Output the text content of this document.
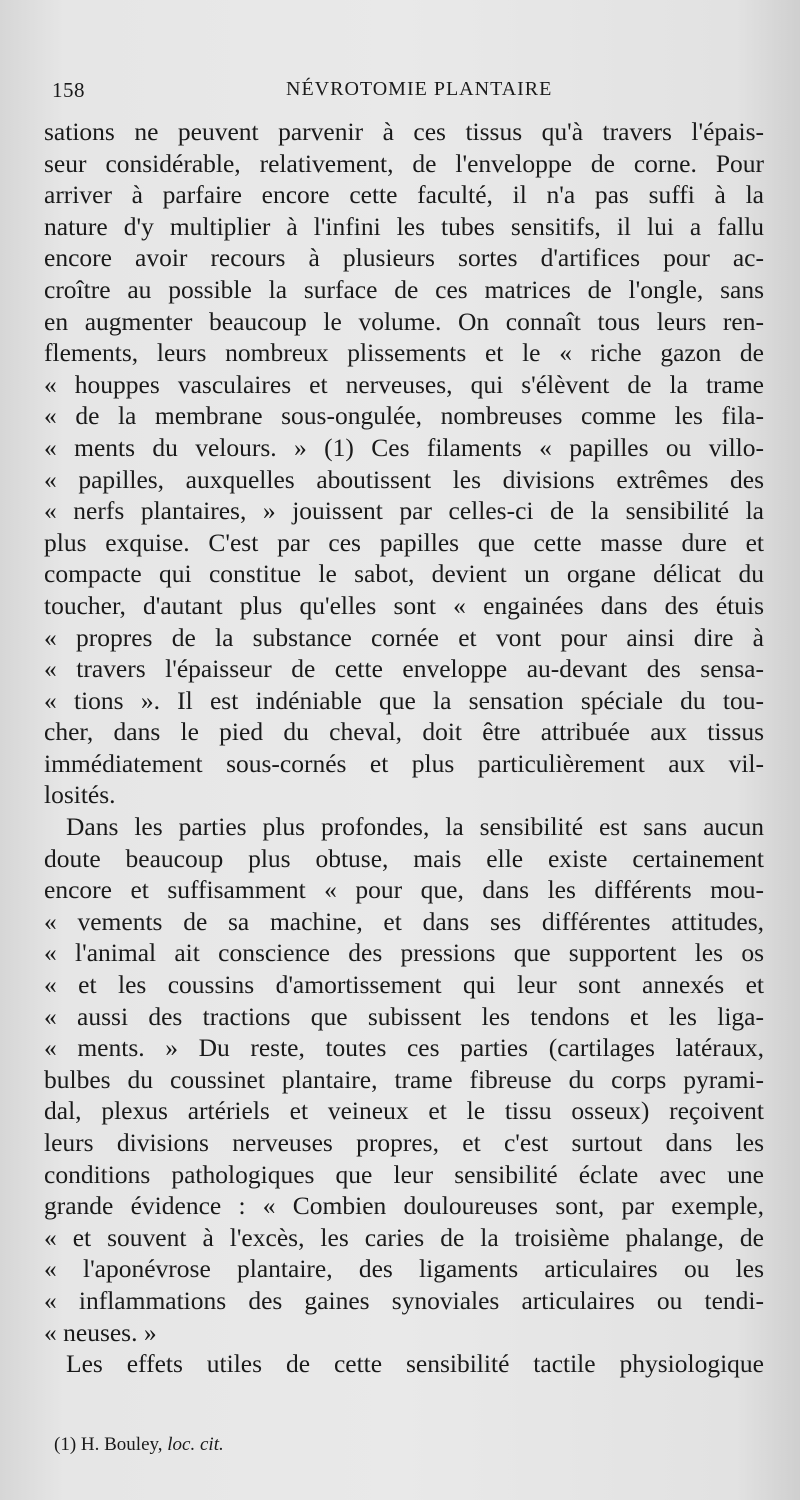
158	NÉVROTOMIE PLANTAIRE
sations ne peuvent parvenir à ces tissus qu'à travers l'épais-
seur considérable, relativement, de l'enveloppe de corne. Pour
arriver à parfaire encore cette faculté, il n'a pas suffi à la
nature d'y multiplier à l'infini les tubes sensitifs, il lui a fallu
encore avoir recours à plusieurs sortes d'artifices pour ac-
croître au possible la surface de ces matrices de l'ongle, sans
en augmenter beaucoup le volume. On connaît tous leurs ren-
flements, leurs nombreux plissements et le « riche gazon de
« houppes vasculaires et nerveuses, qui s'élèvent de la trame
« de la membrane sous-ongulée, nombreuses comme les fila-
« ments du velours. » (1) Ces filaments « papilles ou villo-
« papilles, auxquelles aboutissent les divisions extrêmes des
« nerfs plantaires, » jouissent par celles-ci de la sensibilité la
plus exquise. C'est par ces papilles que cette masse dure et
compacte qui constitue le sabot, devient un organe délicat du
toucher, d'autant plus qu'elles sont « engainées dans des étuis
« propres de la substance cornée et vont pour ainsi dire à
« travers l'épaisseur de cette enveloppe au-devant des sensa-
« tions ». Il est indéniable que la sensation spéciale du tou-
cher, dans le pied du cheval, doit être attribuée aux tissus
immédiatement sous-cornés et plus particulièrement aux vil-
losités.
Dans les parties plus profondes, la sensibilité est sans aucun
doute beaucoup plus obtuse, mais elle existe certainement
encore et suffisamment « pour que, dans les différents mou-
« vements de sa machine, et dans ses différentes attitudes,
« l'animal ait conscience des pressions que supportent les os
« et les coussins d'amortissement qui leur sont annexés et
« aussi des tractions que subissent les tendons et les liga-
« ments. » Du reste, toutes ces parties (cartilages latéraux,
bulbes du coussinet plantaire, trame fibreuse du corps pyrami-
dal, plexus artériels et veineux et le tissu osseux) reçoivent
leurs divisions nerveuses propres, et c'est surtout dans les
conditions pathologiques que leur sensibilité éclate avec une
grande évidence : « Combien douloureuses sont, par exemple,
« et souvent à l'excès, les caries de la troisième phalange, de
« l'aponévrose plantaire, des ligaments articulaires ou les
« inflammations des gaines synoviales articulaires ou tendi-
« neuses. »
Les effets utiles de cette sensibilité tactile physiologique
(1) H. Bouley, loc. cit.
